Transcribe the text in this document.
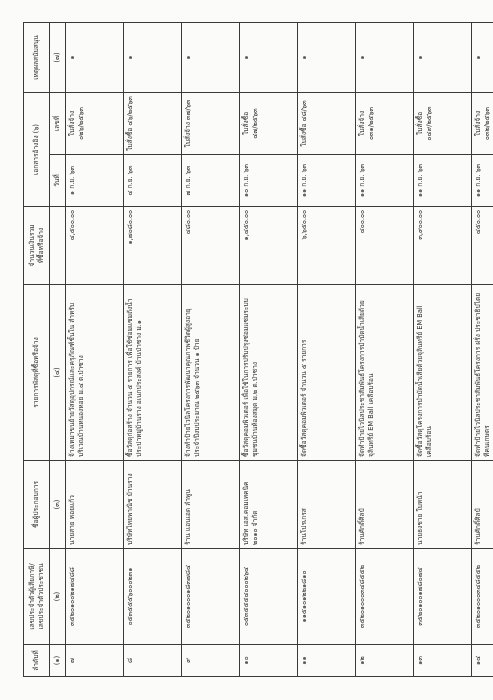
ลำดับที่	เลขประจำตัวผู้เสียภาษี/
เลขประจำตัวประชาชน	ชื่อผู้ประกอบการ	รายการพัสดุที่ซื้อหรือจ้าง	จำนวนเงินรวม
ที่ซื้อหรือจ้าง	เอกสารอ้างอิง (๖)		เหตุผลสนับสนุน
(๑)	(๒)	(๓)	(๔)		วันที่	เลขที่	(๗)
๗	๓๕๒๐๑๐๐๒๑๗๔๘๘	นายสาย หอยแก้ว	จ้างเหมาขนย้ายวัสดุอุปกรณ์และครุภัณฑ์ชั้นใน สำหรับ บริเวณบ้านหนองหอย ม.๔ ต.ป่าซาง	๔,๕๐๐.๐๐	๑ ก.ย. ๖๓	ใบสั่งจ้าง ๐๒๖/๒๕๖๓	๑
๘	๐๕๓๕๕๕๖๐๐๐๒๓๑	บริษัทไทยพาณิช บ้านราง	ซื้อวัสดุก่อสร้าง จำนวน ๕ รายการ เพื่อใช้ซ่อมแซมถังน้ำประปาหมู่บ้านราง อเนกประสงค์ บ้านป่าซาง ม.๑	๑,๗๐๘๐.๐๐	๔ ก.ย. ๖๓	ใบสั่งซื้อ ๔๖/๒๕๖๓	๑
๙	๓๕๒๐๑๐๐๐๑๘๓๗๘๔	ร้าน แอนเอด ลำพูน	จ้างทำป้ายไวนิลโครงการพัฒนาคุณภาพชีวิตผู้สูงอายุ ประจำปีงบประมาณ ๒๕๖๓ จำนวน ๑ ป้าย	๔๘๐.๐๐	๗ ก.ย. ๖๓	ใบสั่งจ้าง ๓๗/๖๓	๑
๑๐	๐๕๓๕๕๕๔๐๐๐๒๖๔	บริษัท เอส.คอมเทคนิค ๒๐๑๐ จำกัด	ซื้อวัสดุคอมพิวเตอร์ เพื่อใช้ในการปรับปรุงซ่อมแซมระบบ ชุมชนบ้านห้องสมุด ม.๒ ต.ป่าซาง	๑,๔๕๐.๐๐	๑๐ ก.ย. ๖๓	ใบสั่งซื้อ ๔๗/๒๕๖๓	๑
๑๑	๑๑๕๑๐๑๒๒๑๘๑๐	ร้านโปรเกรส	จัดซื้อวัสดุคอมพิวเตอร์ จำนวน ๕ รายการ	๖,๖๕๐.๐๐	๑๑ ก.ย. ๖๓	ใบสั่งซื้อ ๔๘/๖๓	๑
๑๒	๓๕๒๐๑๐๐๐๓๔๘๕๕๒	ร้านศักดิ์ศิลป์	จัดทำป้ายไวนิลประชาสัมพันธ์โครงการบำบัดน้ำเสียด้วยจุลินทรีย์ EM Ball เคลือบร้อน	๔๐๐.๐๐	๑๑ ก.ย. ๖๓	ใบสั่งจ้าง ๐๓๑/๒๕๖๓	๑
๑๓	๓๕๒๐๑๐๐๑๗๘๐๗๔	นายธงชาย ใบหน้า	จัดซื้อวัสดุโครงการบำบัดน้ำเสียด้วยจุลินทรีย์ EM Ball เคลือบร้อน	๓,๙๐๐.๐๐	๑๑ ก.ย. ๖๓	ใบสั่งซื้อ ๐๔๙/๒๕๖๓	๑
๑๔	๓๕๒๐๑๐๐๐๓๔๘๕๕๒	ร้านศักดิ์ศิลป์	จัดทำป้ายไวนิลประชาสัมพันธ์โครงการ ฝรั่ง ประชาธิปไตย ทีคนเกษตร	๔๕๐.๐๐	๑๑ ก.ย. ๖๓	ใบสั่งจ้าง ๐๓๒/๒๕๖๓	๑
